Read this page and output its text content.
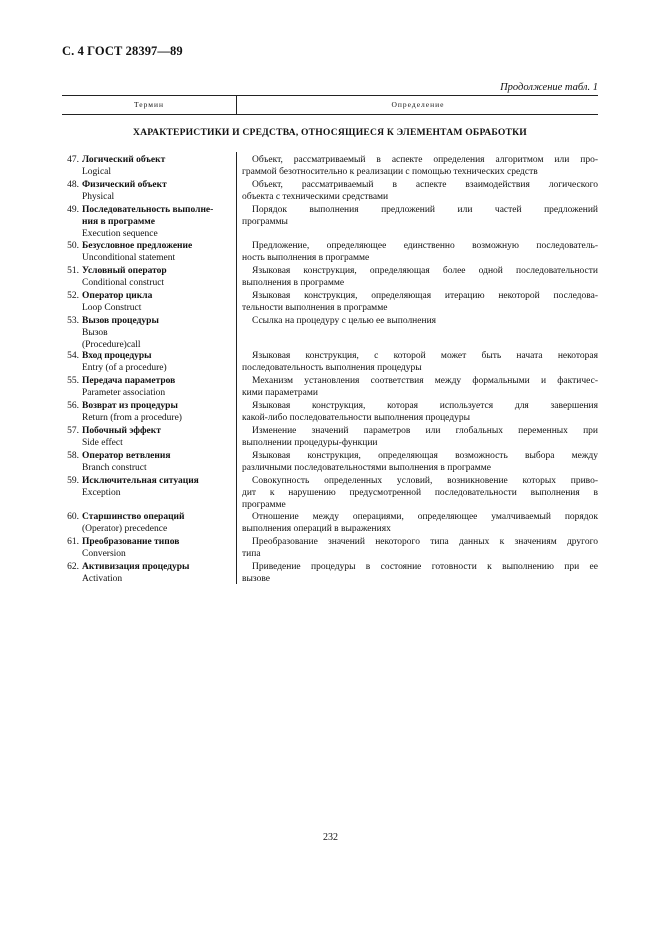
С. 4 ГОСТ 28397—89
Продолжение табл. 1
Термин	Определение
ХАРАКТЕРИСТИКИ И СРЕДСТВА, ОТНОСЯЩИЕСЯ К ЭЛЕМЕНТАМ ОБРАБОТКИ
47. Логический объект
Logical
Объект, рассматриваемый в аспекте определения алгоритмом или про-
граммой безотносительно к реализации с помощью технических средств
48. Физический объект
Physical
Объект, рассматриваемый в аспекте взаимодействия логического
объекта с техническими средствами
49. Последовательность выполне-
ния в программе
Execution sequence
Порядок выполнения предложений или частей предложений
программы
50. Безусловное предложение
Unconditional statement
Предложение, определяющее единственно возможную последователь-
ность выполнения в программе
51. Условный оператор
Conditional construct
Языковая конструкция, определяющая более одной последовательности
выполнения в программе
52. Оператор цикла
Loop Construct
Языковая конструкция, определяющая итерацию некоторой последова-
тельности выполнения в программе
53. Вызов процедуры
Вызов
(Procedure)call
Ссылка на процедуру с целью ее выполнения
54. Вход процедуры
Entry (of a procedure)
Языковая конструкция, с которой может быть начата некоторая
последовательность выполнения процедуры
55. Передача параметров
Parameter association
Механизм установления соответствия между формальными и фактичес-
кими параметрами
56. Возврат из процедуры
Return (from a procedure)
Языковая конструкция, которая используется для завершения
какой-либо последовательности выполнения процедуры
57. Побочный эффект
Side effect
Изменение значений параметров или глобальных переменных при
выполнении процедуры-функции
58. Оператор ветвления
Branch construct
Языковая конструкция, определяющая возможность выбора между
различными последовательностями выполнения в программе
59. Исключительная ситуация
Exception
Совокупность определенных условий, возникновение которых приво-
дит к нарушению предусмотренной последовательности выполнения в
программе
60. Старшинство операций
(Operator) precedence
Отношение между операциями, определяющее умалчиваемый порядок
выполнения операций в выражениях
61. Преобразование типов
Conversion
Преобразование значений некоторого типа данных к значениям другого
типа
62. Активизация процедуры
Activation
Приведение процедуры в состояние готовности к выполнению при ее
вызове
232
